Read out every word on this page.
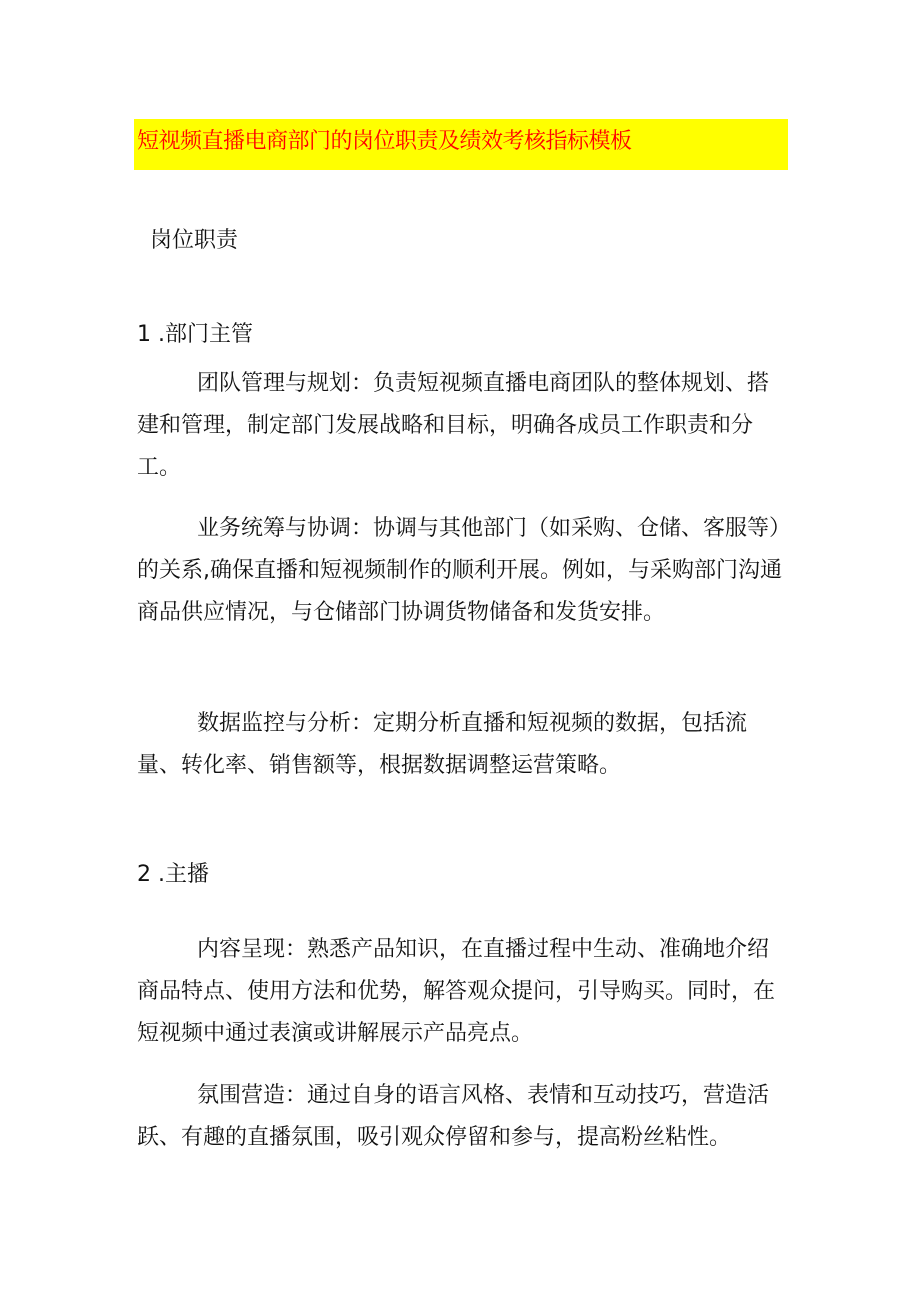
短视频直播电商部门的岗位职责及绩效考核指标模板
岗位职责
1 .部门主管

团队管理与规划：负责短视频直播电商团队的整体规划、搭建和管理，制定部门发展战略和目标，明确各成员工作职责和分工。

业务统筹与协调：协调与其他部门（如采购、仓储、客服等）的关系,确保直播和短视频制作的顺利开展。例如，与采购部门沟通商品供应情况，与仓储部门协调货物储备和发货安排。

数据监控与分析：定期分析直播和短视频的数据，包括流量、转化率、销售额等，根据数据调整运营策略。

2 .主播

内容呈现：熟悉产品知识，在直播过程中生动、准确地介绍商品特点、使用方法和优势，解答观众提问，引导购买。同时，在短视频中通过表演或讲解展示产品亮点。

氛围营造：通过自身的语言风格、表情和互动技巧，营造活跃、有趣的直播氛围，吸引观众停留和参与，提高粉丝粘性。
